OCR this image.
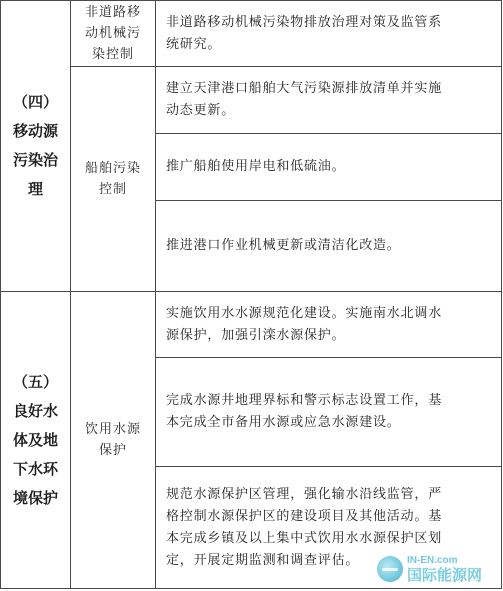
（四）
移动源
污染治
理
非道路移
动机械污
染控制
船舶污染
控制
非道路移动机械污染物排放治理对策及监管系
统研究。
建立天津港口船舶大气污染源排放清单并实施
动态更新。
推广船舶使用岸电和低硫油。
推进港口作业机械更新或清洁化改造。
（五）
良好水
体及地
下水环
境保护
饮用水源
保护
实施饮用水水源规范化建设。实施南水北调水
源保护，加强引滦水源保护。
完成水源井地理界标和警示标志设置工作，基
本完成全市备用水源或应急水源建设。
规范水源保护区管理，强化输水沿线监管，严
格控制水源保护区的建设项目及其他活动。基
本完成乡镇及以上集中式饮用水水源保护区划
定，开展定期监测和调查评估。	IN-EN.com
国际能源网
